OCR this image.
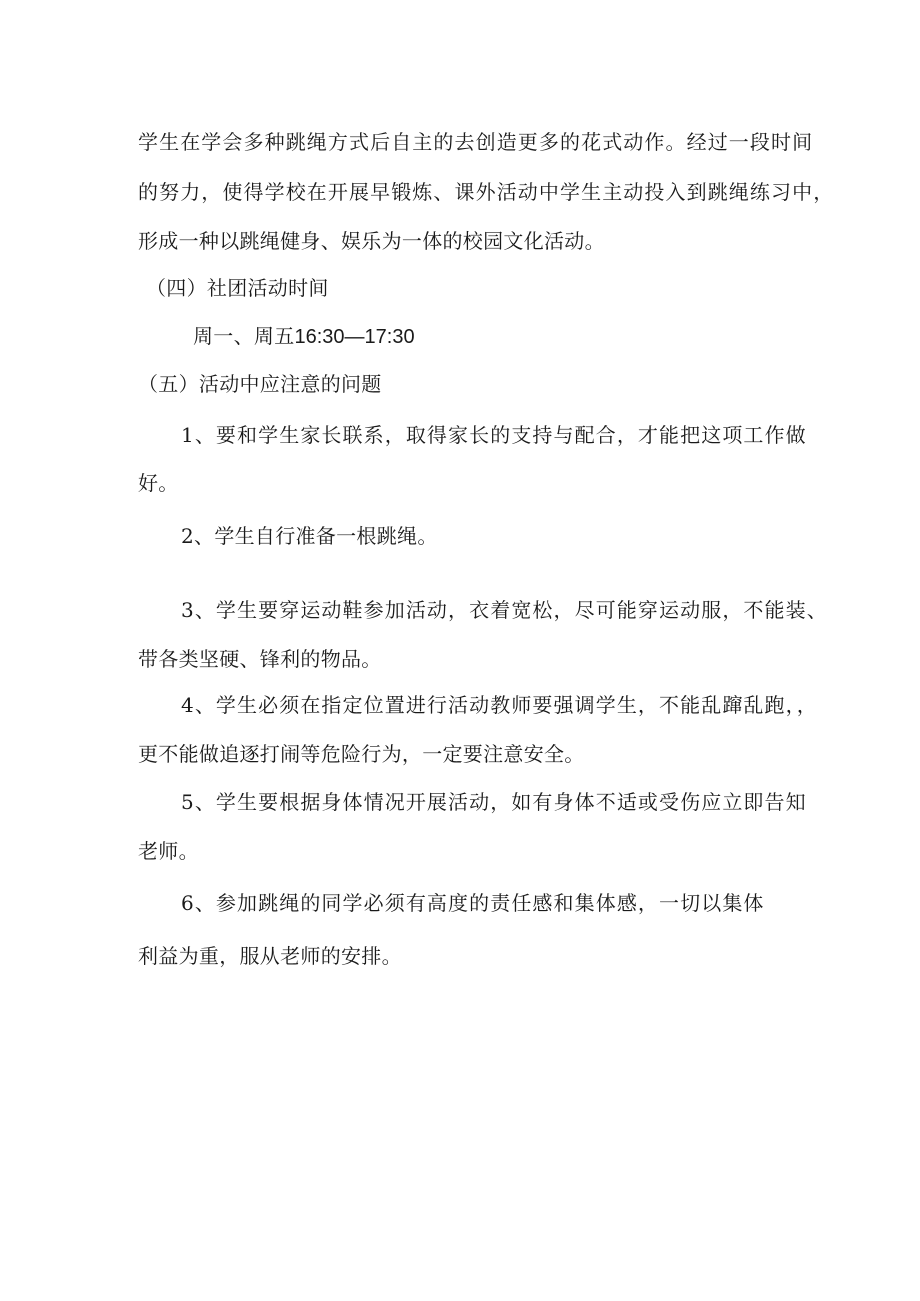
学生在学会多种跳绳方式后自主的去创造更多的花式动作。经过一段时间
的努力，使得学校在开展早锻炼、课外活动中学生主动投入到跳绳练习中，
形成一种以跳绳健身、娱乐为一体的校园文化活动。
（四）社团活动时间
周一、周五16:30—17:30
（五）活动中应注意的问题
1、要和学生家长联系，取得家长的支持与配合，才能把这项工作做
好。
2、学生自行准备一根跳绳。
3、学生要穿运动鞋参加活动，衣着宽松，尽可能穿运动服，不能装、
带各类坚硬、锋利的物品。
4、学生必须在指定位置进行活动教师要强调学生，不能乱蹿乱跑，，
更不能做追逐打闹等危险行为，一定要注意安全。
5、学生要根据身体情况开展活动，如有身体不适或受伤应立即告知
老师。
6、参加跳绳的同学必须有高度的责任感和集体感，一切以集体
利益为重，服从老师的安排。
